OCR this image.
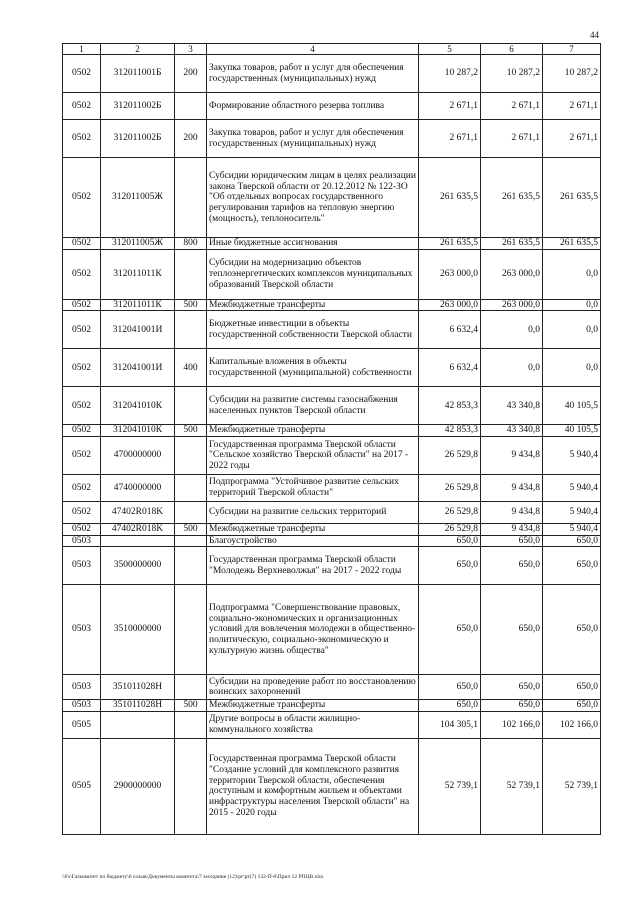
44
1	2	3	4	5	6	7
0502	312011001Б	200	Закупка товаров, работ и услуг для обеспечения государственных (муниципальных) нужд	10 287,2	10 287,2	10 287,2
0502	312011002Б		Формирование областного резерва топлива	2 671,1	2 671,1	2 671,1
0502	312011002Б	200	Закупка товаров, работ и услуг для обеспечения государственных (муниципальных) нужд	2 671,1	2 671,1	2 671,1
0502	312011005Ж		Субсидии юридическим лицам в целях реализации закона Тверской области от 20.12.2012 № 122-ЗО "Об отдельных вопросах государственного регулирования тарифов на тепловую энергию (мощность), теплоноситель"	261 635,5	261 635,5	261 635,5
0502	312011005Ж	800	Иные бюджетные ассигнования	261 635,5	261 635,5	261 635,5
0502	312011011К		Субсидии на модернизацию объектов теплоэнергетических комплексов муниципальных образований Тверской области	263 000,0	263 000,0	0,0
0502	312011011К	500	Межбюджетные трансферты	263 000,0	263 000,0	0,0
0502	312041001И		Бюджетные инвестиции в объекты государственной собственности Тверской области	6 632,4	0,0	0,0
0502	312041001И	400	Капитальные вложения в объекты государственной (муниципальной) собственности	6 632,4	0,0	0,0
0502	312041010К		Субсидии на развитие системы газоснабжения населенных пунктов Тверской области	42 853,3	43 340,8	40 105,5
0502	312041010К	500	Межбюджетные трансферты	42 853,3	43 340,8	40 105,5
0502	4700000000		Государственная программа Тверской области "Сельское хозяйство Тверской области" на 2017 - 2022 годы	26 529,8	9 434,8	5 940,4
0502	4740000000		Подпрограмма "Устойчивое развитие сельских территорий Тверской области"	26 529,8	9 434,8	5 940,4
0502	47402R018K		Субсидии на развитие сельских территорий	26 529,8	9 434,8	5 940,4
0502	47402R018K	500	Межбюджетные трансферты	26 529,8	9 434,8	5 940,4
0503			Благоустройство	650,0	650,0	650,0
0503	3500000000		Государственная программа Тверской области "Молодежь Верхневолжья" на 2017 - 2022 годы	650,0	650,0	650,0
0503	3510000000		Подпрограмма "Совершенствование правовых, социально-экономических и организационных условий для вовлечения молодежи в общественно-политическую, социально-экономическую и культурную жизнь общества"	650,0	650,0	650,0
0503	351011028Н		Субсидии на проведение работ по восстановлению воинских захоронений	650,0	650,0	650,0
0503	351011028Н	500	Межбюджетные трансферты	650,0	650,0	650,0
0505			Другие вопросы в области жилищно-коммунального хозяйства	104 305,1	102 166,0	102 166,0
0505	2900000000		Государственная программа Тверской области "Создание условий для комплексного развития территории Тверской области, обеспечения доступным и комфортным жильем и объектами инфраструктуры населения Тверской области" на 2015 - 2020 годы	52 739,1	52 739,1	52 739,1
\\Fs\Газкомитет по бюджету\6 созыв\Документы комитета\7 заседание (12)\рг\рт(7) 132-П-6\Прил 12 РПЦВ.xlsx
